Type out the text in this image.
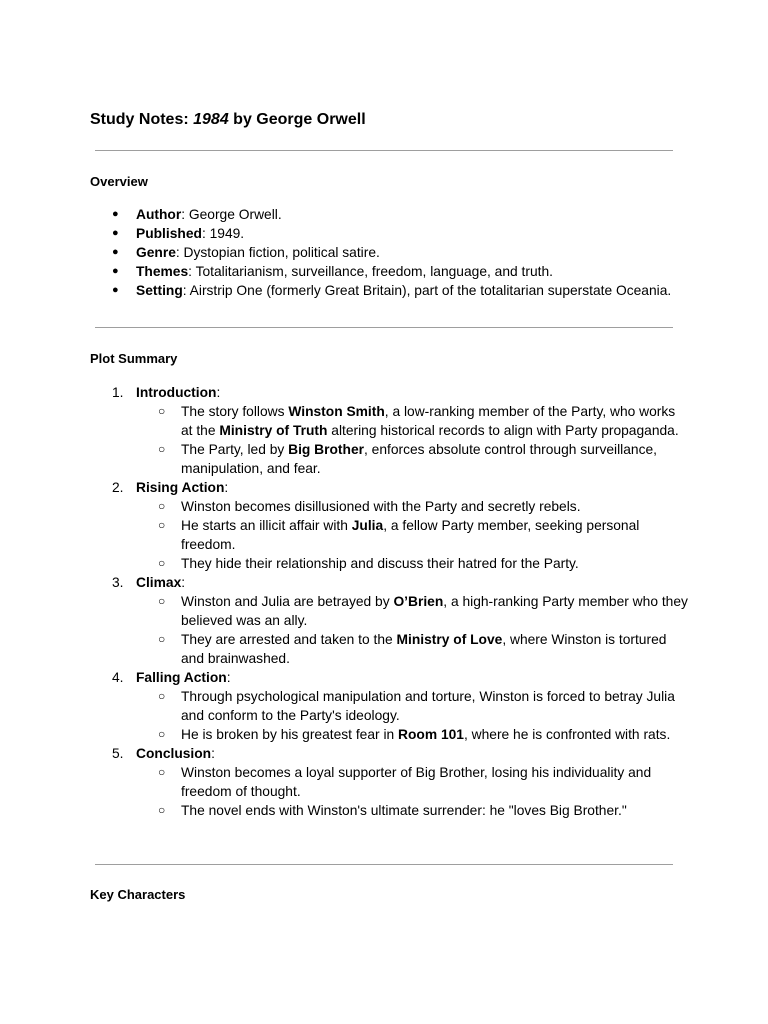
Study Notes: 1984 by George Orwell
Overview
● Author: George Orwell.
● Published: 1949.
● Genre: Dystopian fiction, political satire.
● Themes: Totalitarianism, surveillance, freedom, language, and truth.
● Setting: Airstrip One (formerly Great Britain), part of the totalitarian superstate Oceania.
Plot Summary
1. Introduction:
○ The story follows Winston Smith, a low-ranking member of the Party, who works at the Ministry of Truth altering historical records to align with Party propaganda.
○ The Party, led by Big Brother, enforces absolute control through surveillance, manipulation, and fear.
2. Rising Action:
○ Winston becomes disillusioned with the Party and secretly rebels.
○ He starts an illicit affair with Julia, a fellow Party member, seeking personal freedom.
○ They hide their relationship and discuss their hatred for the Party.
3. Climax:
○ Winston and Julia are betrayed by O’Brien, a high-ranking Party member who they believed was an ally.
○ They are arrested and taken to the Ministry of Love, where Winston is tortured and brainwashed.
4. Falling Action:
○ Through psychological manipulation and torture, Winston is forced to betray Julia and conform to the Party's ideology.
○ He is broken by his greatest fear in Room 101, where he is confronted with rats.
5. Conclusion:
○ Winston becomes a loyal supporter of Big Brother, losing his individuality and freedom of thought.
○ The novel ends with Winston's ultimate surrender: he "loves Big Brother."
Key Characters
